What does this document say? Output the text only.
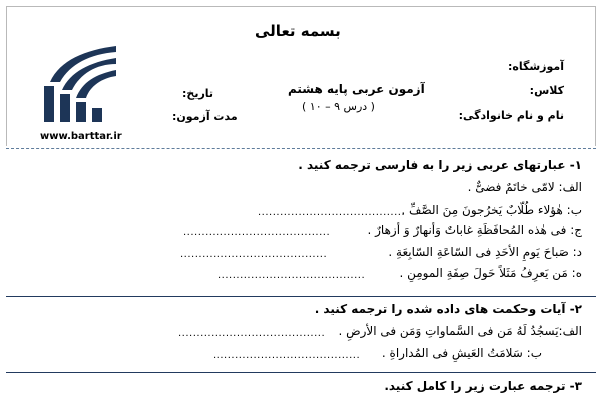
بسمه تعالی
آموزشگاه:
کلاس:
آزمون عربی پایه هشتم
( درس ۹ – ۱۰ )
تاریخ:
نام و نام خانوادگی:
مدت آزمون:
www.barttar.ir
۱- عبارتهای عربی زیر را به فارسی ترجمه کنید .
الف: لامّی خاتَمٌ فضیٌّ .
ب: هٰؤلاء طُلّابٌ یَخرُجونَ مِنَ الصَّفِّ .
........................................
ج: فی هٰذه المُحافَظَةِ غاباتٌ وَأنهارٌ وَ أزهارٌ .
........................................
د: صَباحَ یَومِ الأحَدِ فی السّاعَةِ السّابِعَةِ .
........................................
ه: مَن یَعرِفُ مَثَلاً حَولَ صِفَةِ المومِنِ .
........................................
۲- آیات وحکمت های داده شده را ترجمه کنید .
الف:یَسجُدُ لَهُ مَن فی السَّماواتِ وَمَن فی الأرضِ .
........................................
ب: سَلامَتُ العَیشِ فی المُداراةِ .
........................................
۳- ترجمه عبارت زیر را کامل کنید.
